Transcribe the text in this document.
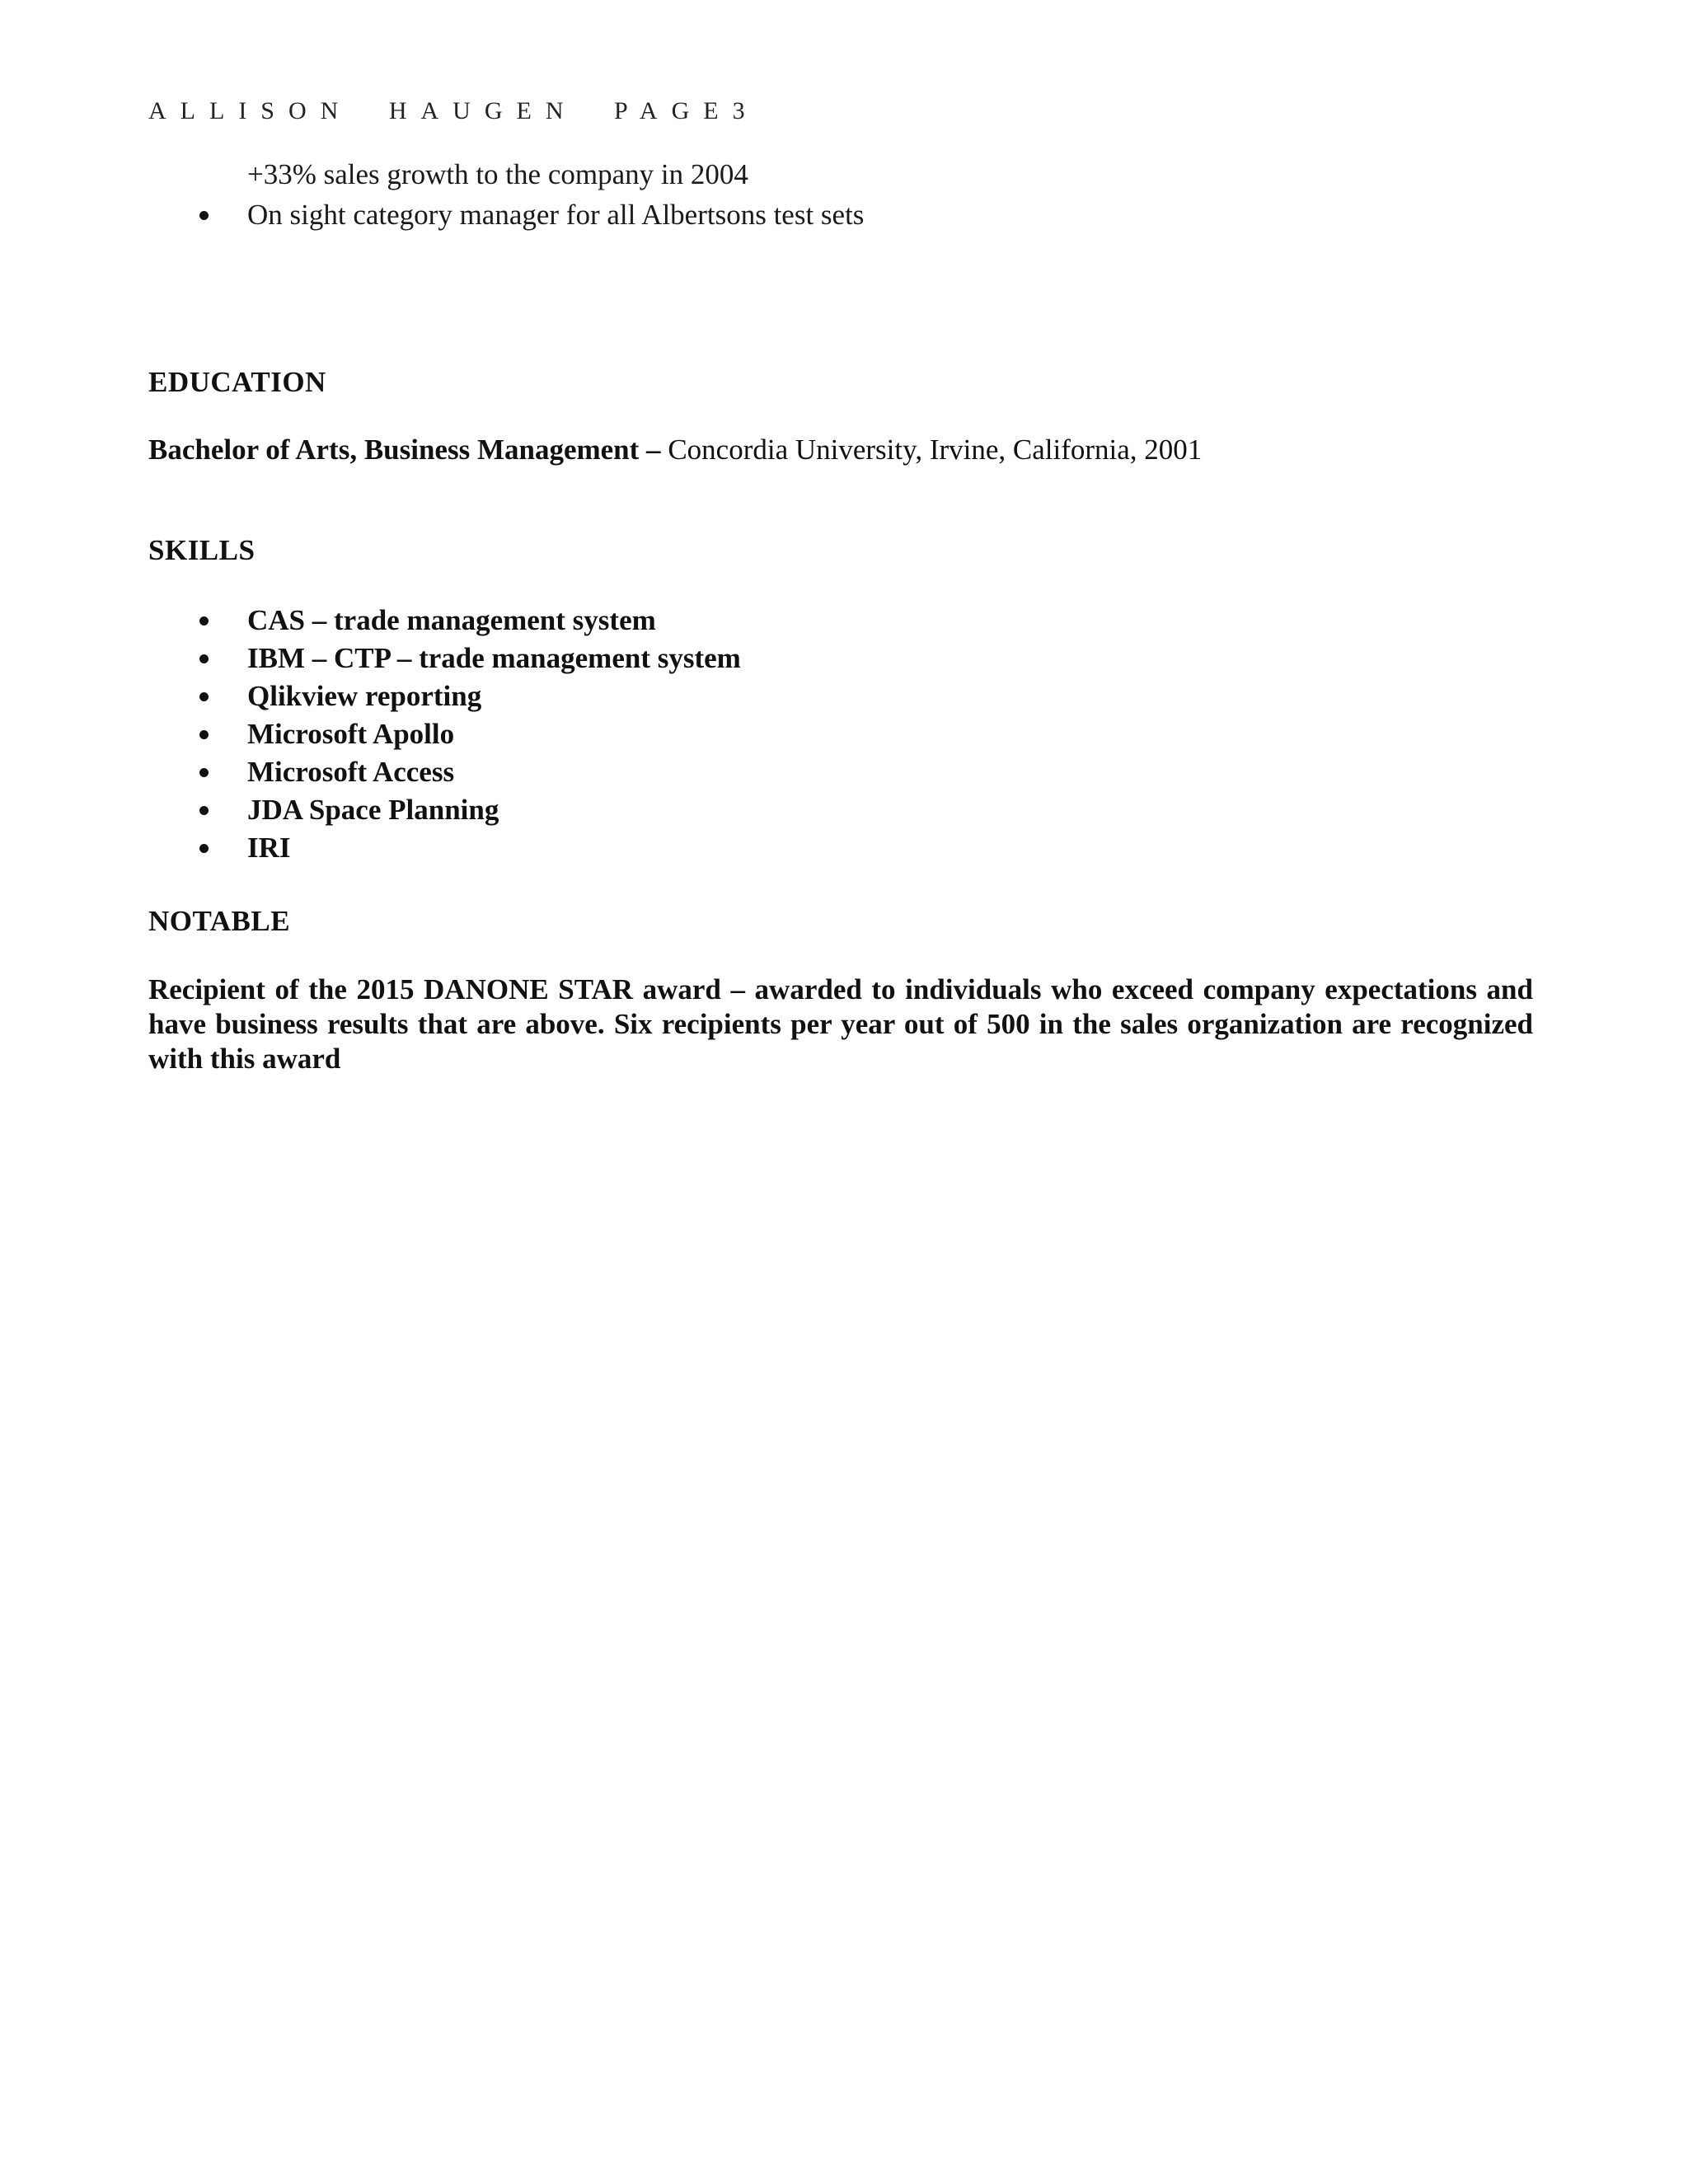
ALLISON HAUGEN PAGE3
+33% sales growth to the company in 2004
On sight category manager for all Albertsons test sets
EDUCATION
Bachelor of Arts, Business Management – Concordia University, Irvine, California, 2001
SKILLS
CAS – trade management system
IBM – CTP – trade management system
Qlikview reporting
Microsoft Apollo
Microsoft Access
JDA Space Planning
IRI
NOTABLE
Recipient of the 2015 DANONE STAR award – awarded to individuals who exceed company expectations and have business results that are above. Six recipients per year out of 500 in the sales organization are recognized with this award
